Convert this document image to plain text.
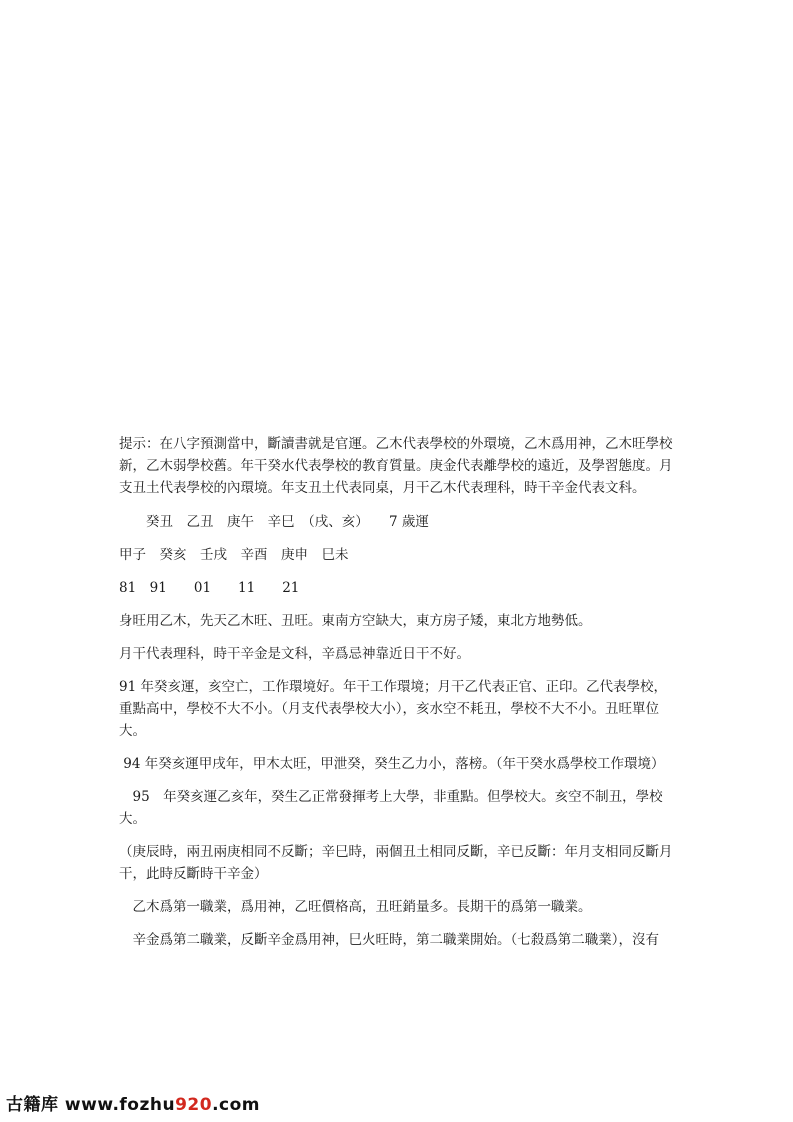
提示：在八字預測當中，斷讀書就是官運。乙木代表學校的外環境，乙木爲用神，乙木旺學校新，乙木弱學校舊。年干癸水代表學校的教育質量。庚金代表離學校的遠近，及學習態度。月支丑土代表學校的內環境。年支丑土代表同桌，月干乙木代表理科，時干辛金代表文科。

　　癸丑　乙丑　庚午　辛巳　（戌、亥）　　7 歲運

甲子　癸亥　壬戌　辛酉　庚申　巳未

81　91　　01　　11　　21

身旺用乙木，先天乙木旺、丑旺。東南方空缺大，東方房子矮，東北方地勢低。

月干代表理科，時干辛金是文科，辛爲忌神靠近日干不好。

91 年癸亥運，亥空亡，工作環境好。年干工作環境；月干乙代表正官、正印。乙代表學校，重點高中，學校不大不小。（月支代表學校大小），亥水空不耗丑，學校不大不小。丑旺單位大。

94 年癸亥運甲戌年，甲木太旺，甲泄癸，癸生乙力小，落榜。（年干癸水爲學校工作環境）

　95　年癸亥運乙亥年，癸生乙正常發揮考上大學，非重點。但學校大。亥空不制丑，學校大。

（庚辰時，兩丑兩庚相同不反斷；辛巳時，兩個丑土相同反斷，辛已反斷：年月支相同反斷月干，此時反斷時干辛金）

　乙木爲第一職業，爲用神，乙旺價格高，丑旺銷量多。長期干的爲第一職業。

　辛金爲第二職業，反斷辛金爲用神，巳火旺時，第二職業開始。（七殺爲第二職業），沒有

古籍库 www.fozhu920.com
